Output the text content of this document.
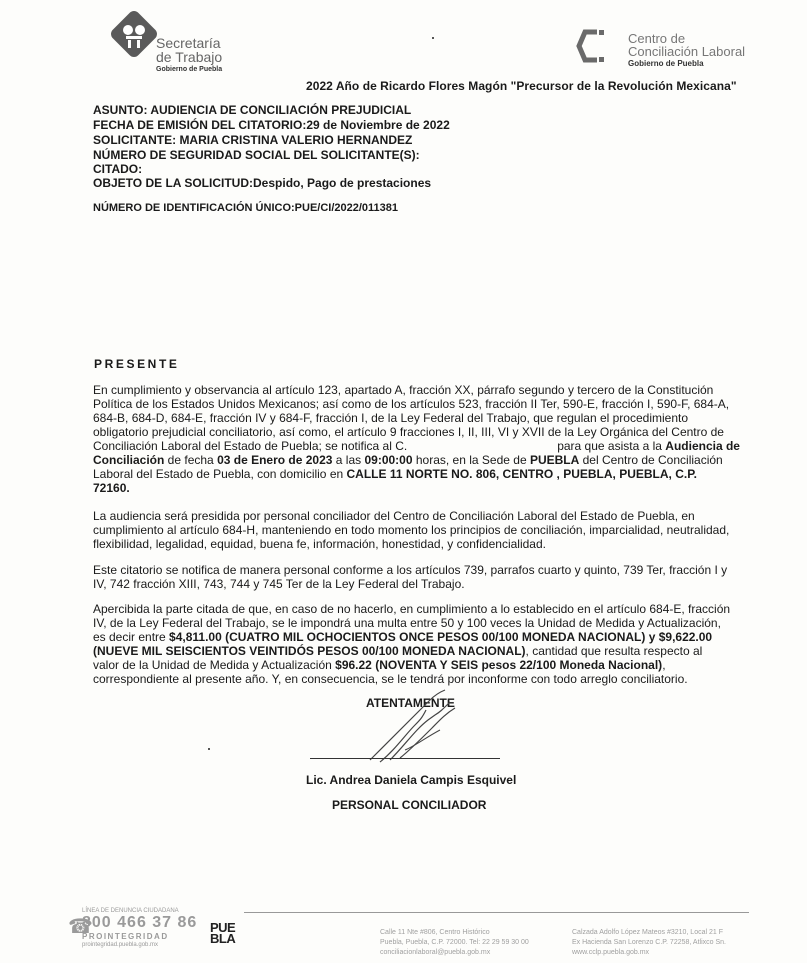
Secretaría
de Trabajo
Gobierno de Puebla
Centro de
Conciliación Laboral
Gobierno de Puebla
2022 Año de Ricardo Flores Magón "Precursor de la Revolución Mexicana"
ASUNTO: AUDIENCIA DE CONCILIACIÓN PREJUDICIAL
FECHA DE EMISIÓN DEL CITATORIO:29 de Noviembre de 2022
SOLICITANTE: MARIA CRISTINA VALERIO HERNANDEZ
NÚMERO DE SEGURIDAD SOCIAL DEL SOLICITANTE(S):
CITADO:
OBJETO DE LA SOLICITUD:Despido, Pago de prestaciones
NÚMERO DE IDENTIFICACIÓN ÚNICO:PUE/CI/2022/011381
PRESENTE
En cumplimiento y observancia al artículo 123, apartado A, fracción XX, párrafo segundo y tercero de la Constitución
Política de los Estados Unidos Mexicanos; así como de los artículos 523, fracción II Ter, 590-E, fracción I, 590-F, 684-A,
684-B, 684-D, 684-E, fracción IV y 684-F, fracción I, de la Ley Federal del Trabajo, que regulan el procedimiento
obligatorio prejudicial conciliatorio, así como, el artículo 9 fracciones I, II, III, VI y XVII de la Ley Orgánica del Centro de
Conciliación Laboral del Estado de Puebla; se notifica al C.	para que asista a la Audiencia de
Conciliación de fecha 03 de Enero de 2023 a las 09:00:00 horas, en la Sede de PUEBLA del Centro de Conciliación
Laboral del Estado de Puebla, con domicilio en CALLE 11 NORTE NO. 806, CENTRO , PUEBLA, PUEBLA, C.P.
72160.
La audiencia será presidida por personal conciliador del Centro de Conciliación Laboral del Estado de Puebla, en
cumplimiento al artículo 684-H, manteniendo en todo momento los principios de conciliación, imparcialidad, neutralidad,
flexibilidad, legalidad, equidad, buena fe, información, honestidad, y confidencialidad.
Este citatorio se notifica de manera personal conforme a los artículos 739, parrafos cuarto y quinto, 739 Ter, fracción I y
IV, 742 fracción XIII, 743, 744 y 745 Ter de la Ley Federal del Trabajo.
Apercibida la parte citada de que, en caso de no hacerlo, en cumplimiento a lo establecido en el artículo 684-E, fracción
IV, de la Ley Federal del Trabajo, se le impondrá una multa entre 50 y 100 veces la Unidad de Medida y Actualización,
es decir entre $4,811.00 (CUATRO MIL OCHOCIENTOS ONCE PESOS 00/100 MONEDA NACIONAL) y $9,622.00
(NUEVE MIL SEISCIENTOS VEINTIDÓS PESOS 00/100 MONEDA NACIONAL), cantidad que resulta respecto al
valor de la Unidad de Medida y Actualización $96.22 (NOVENTA Y SEIS pesos 22/100 Moneda Nacional),
correspondiente al presente año. Y, en consecuencia, se le tendrá por inconforme con todo arreglo conciliatorio.
ATENTAMENTE
Lic. Andrea Daniela Campis Esquivel
PERSONAL CONCILIADOR
☎
LÍNEA DE DENUNCIA CIUDADANA
800 466 37 86
PROINTEGRIDAD
prointegridad.puebla.gob.mx
PUE
BLA	Calle 11 Nte #806, Centro Histórico
Puebla, Puebla, C.P. 72000. Tel: 22 29 59 30 00
conciliacionlaboral@puebla.gob.mx
Calzada Adolfo López Mateos #3210, Local 21 F
Ex Hacienda San Lorenzo C.P. 72258, Atlixco Sn.
www.cclp.puebla.gob.mx
